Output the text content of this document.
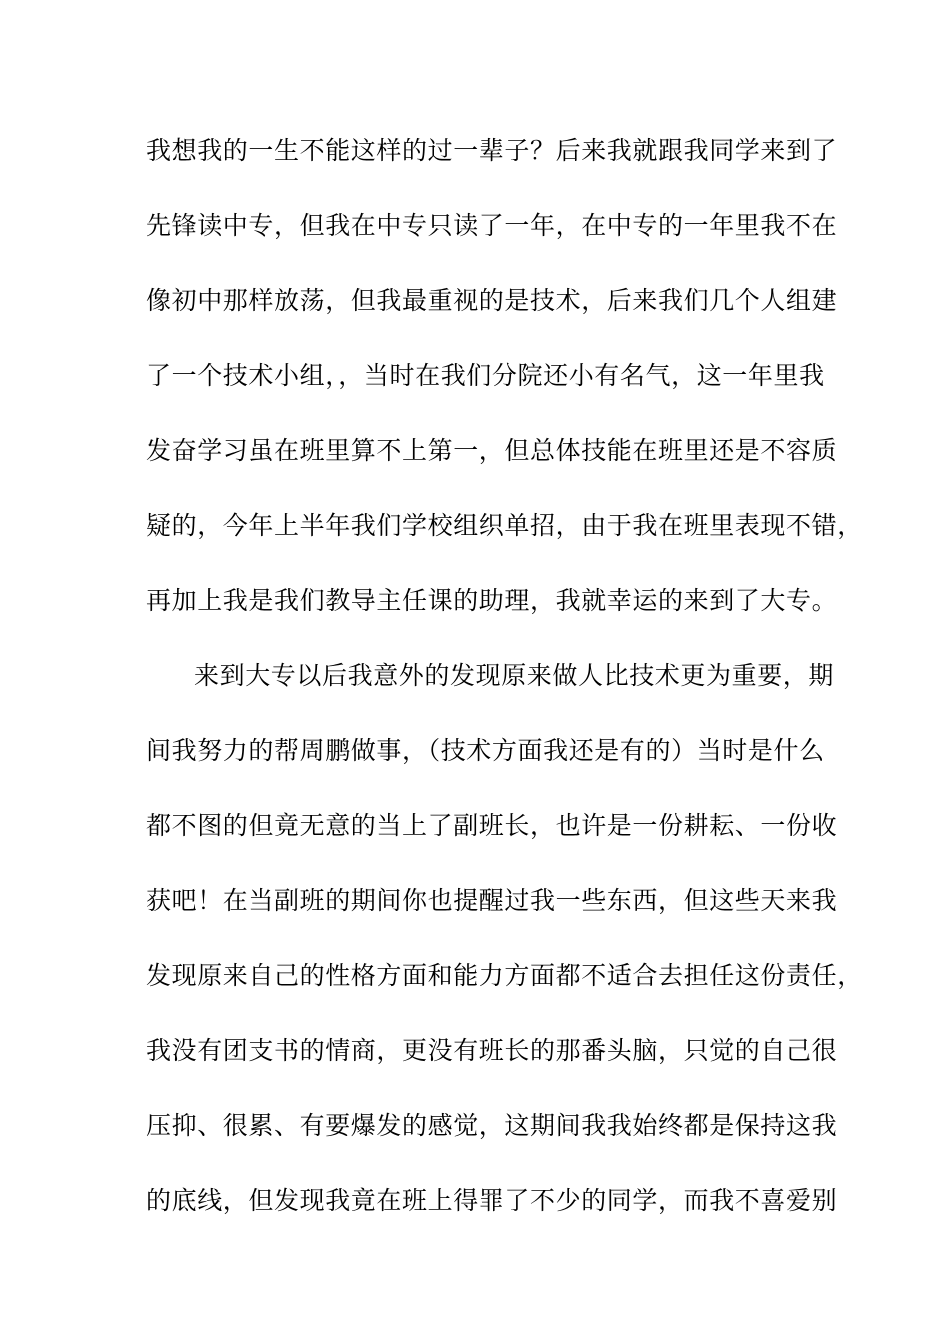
我想我的一生不能这样的过一辈子？后来我就跟我同学来到了
先锋读中专，但我在中专只读了一年，在中专的一年里我不在
像初中那样放荡，但我最重视的是技术，后来我们几个人组建
了一个技术小组，，当时在我们分院还小有名气，这一年里我
发奋学习虽在班里算不上第一，但总体技能在班里还是不容质
疑的，今年上半年我们学校组织单招，由于我在班里表现不错，
再加上我是我们教导主任课的助理，我就幸运的来到了大专。
来到大专以后我意外的发现原来做人比技术更为重要，期
间我努力的帮周鹏做事，（技术方面我还是有的）当时是什么
都不图的但竟无意的当上了副班长，也许是一份耕耘、一份收
获吧！在当副班的期间你也提醒过我一些东西，但这些天来我
发现原来自己的性格方面和能力方面都不适合去担任这份责任，
我没有团支书的情商，更没有班长的那番头脑，只觉的自己很
压抑、很累、有要爆发的感觉，这期间我我始终都是保持这我
的底线，但发现我竟在班上得罪了不少的同学，而我不喜爱别
